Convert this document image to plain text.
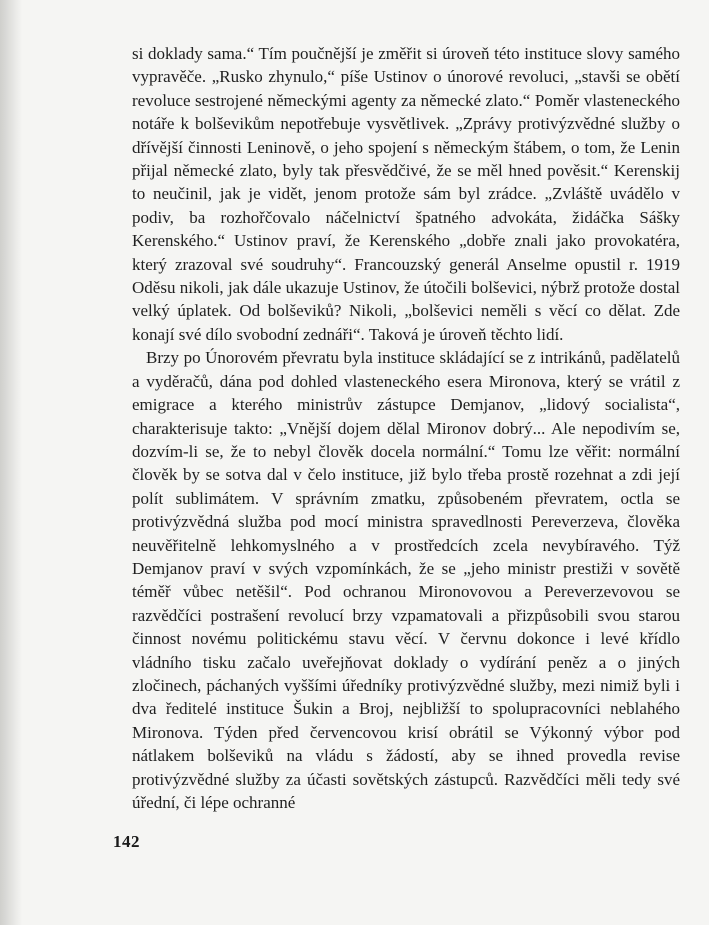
si doklady sama.“ Tím poučnější je změřit si úroveň této instituce slovy samého vypravěče. „Rusko zhynulo,“ píše Ustinov o únorové revoluci, „stavši se obětí revoluce sestrojené německými agenty za německé zlato.“ Poměr vlasteneckého notáře k bolševikům nepotřebuje vysvětlivek. „Zprávy protivýzvědné služby o dřívější činnosti Leninově, o jeho spojení s německým štábem, o tom, že Lenin přijal německé zlato, byly tak přesvědčivé, že se měl hned pověsit.“ Kerenskij to neučinil, jak je vidět, jenom protože sám byl zrádce. „Zvláště uvádělo v podiv, ba rozhořčovalo náčelnictví špatného advokáta, židáčka Sášky Kerenského.“ Ustinov praví, že Kerenského „dobře znali jako provokatéra, který zrazoval své soudruhy“. Francouzský generál Anselme opustil r. 1919 Oděsu nikoli, jak dále ukazuje Ustinov, že útočili bolševici, nýbrž protože dostal velký úplatek. Od bolševiků? Nikoli, „bolševici neměli s věcí co dělat. Zde konají své dílo svobodní zednáři“. Taková je úroveň těchto lidí.

Brzy po Únorovém převratu byla instituce skládající se z intrikánů, padělatelů a vyděračů, dána pod dohled vlasteneckého esera Mironova, který se vrátil z emigrace a kterého ministrův zástupce Demjanov, „lidový socialista“, charakterisuje takto: „Vnější dojem dělal Mironov dobrý... Ale nepodivím se, dozvím-li se, že to nebyl člověk docela normální.“ Tomu lze věřit: normální člověk by se sotva dal v čelo instituce, již bylo třeba prostě rozehnat a zdi její polít sublimátem. V správním zmatku, způsobeném převratem, octla se protivýzvědná služba pod mocí ministra spravedlnosti Pereverzeva, člověka neuvěřitelně lehkomyslného a v prostředcích zcela nevybíravého. Týž Demjanov praví v svých vzpomínkách, že se „jeho ministr prestiži v sovětě téměř vůbec netěšil“. Pod ochranou Mironovovou a Pereverzevovou se razvědčíci postrašení revolucí brzy vzpamatovali a přizpůsobili svou starou činnost novému politickému stavu věcí. V červnu dokonce i levé křídlo vládního tisku začalo uveřejňovat doklady o vydírání peněz a o jiných zločinech, páchaných vyššími úředníky protivýzvědné služby, mezi nimiž byli i dva ředitelé instituce Šukin a Broj, nejbližší to spolupracovníci neblahého Mironova. Týden před červencovou krisí obrátil se Výkonný výbor pod nátlakem bolševiků na vládu s žádostí, aby se ihned provedla revise protivýzvědné služby za účasti sovětských zástupců. Razvědčíci měli tedy své úřední, či lépe ochranné

142
